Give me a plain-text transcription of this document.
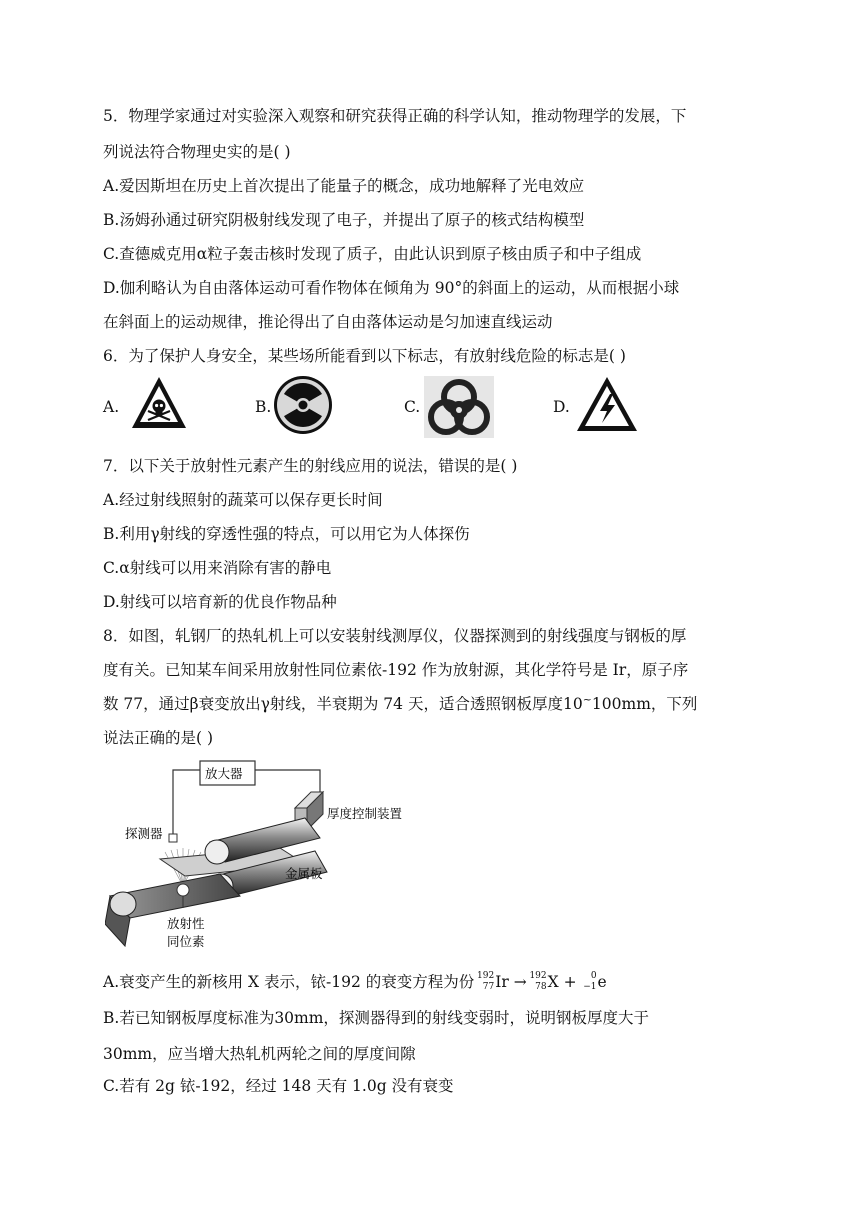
5．物理学家通过对实验深入观察和研究获得正确的科学认知，推动物理学的发展，下
列说法符合物理史实的是( )
A.爱因斯坦在历史上首次提出了能量子的概念，成功地解释了光电效应
B.汤姆孙通过研究阴极射线发现了电子，并提出了原子的核式结构模型
C.查德威克用α粒子轰击核时发现了质子，由此认识到原子核由质子和中子组成
D.伽利略认为自由落体运动可看作物体在倾角为 90°的斜面上的运动，从而根据小球
在斜面上的运动规律，推论得出了自由落体运动是匀加速直线运动
6．为了保护人身安全，某些场所能看到以下标志，有放射线危险的标志是( )
A.	B.	C.	D.
7．以下关于放射性元素产生的射线应用的说法，错误的是( )
A.经过射线照射的蔬菜可以保存更长时间
B.利用γ射线的穿透性强的特点，可以用它为人体探伤
C.α射线可以用来消除有害的静电
D.射线可以培育新的优良作物品种
8．如图，轧钢厂的热轧机上可以安装射线测厚仪，仪器探测到的射线强度与钢板的厚
度有关。已知某车间采用放射性同位素依-192 作为放射源，其化学符号是 Ir，原子序
数 77，通过β衰变放出γ射线，半衰期为 74 天，适合透照钢板厚度10~100mm，下列
说法正确的是( )
放大器
厚度控制装置
探测器
金属板
放射性
同位素
A.衰变产生的新核用 X 表示，铱-192 的衰变方程为份 192
77 Ir → 192
78 X + 0
−1 e
B.若已知钢板厚度标准为30mm，探测器得到的射线变弱时，说明钢板厚度大于
30mm，应当增大热轧机两轮之间的厚度间隙
C.若有 2g 铱-192，经过 148 天有 1.0g 没有衰变
